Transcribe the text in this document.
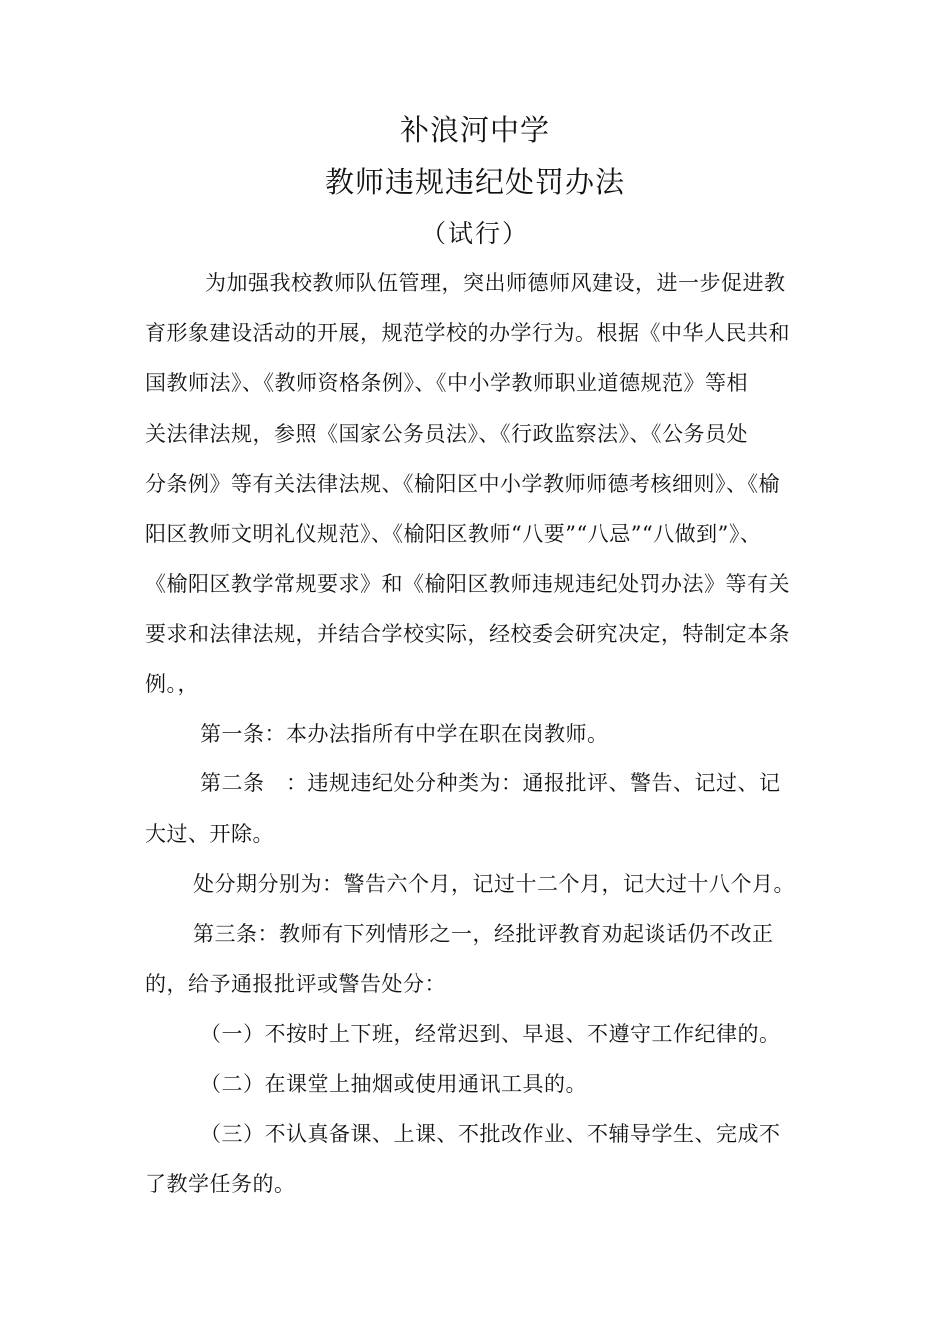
补浪河中学
教师违规违纪处罚办法
（试行）
为加强我校教师队伍管理，突出师德师风建设，进一步促进教
育形象建设活动的开展，规范学校的办学行为。根据《中华人民共和
国教师法》、《教师资格条例》、《中小学教师职业道德规范》等相
关法律法规，参照《国家公务员法》、《行政监察法》、《公务员处
分条例》等有关法律法规、《榆阳区中小学教师师德考核细则》、《榆
阳区教师文明礼仪规范》、《榆阳区教师“八要”“八忌”“八做到”》、
《榆阳区教学常规要求》和《榆阳区教师违规违纪处罚办法》等有关
要求和法律法规，并结合学校实际，经校委会研究决定，特制定本条
例。，
第一条：本办法指所有中学在职在岗教师。
第二条　：违规违纪处分种类为：通报批评、警告、记过、记
大过、开除。
处分期分别为：警告六个月，记过十二个月，记大过十八个月。
第三条：教师有下列情形之一，经批评教育劝起谈话仍不改正
的，给予通报批评或警告处分：
（一）不按时上下班，经常迟到、早退、不遵守工作纪律的。
（二）在课堂上抽烟或使用通讯工具的。
（三）不认真备课、上课、不批改作业、不辅导学生、完成不
了教学任务的。
